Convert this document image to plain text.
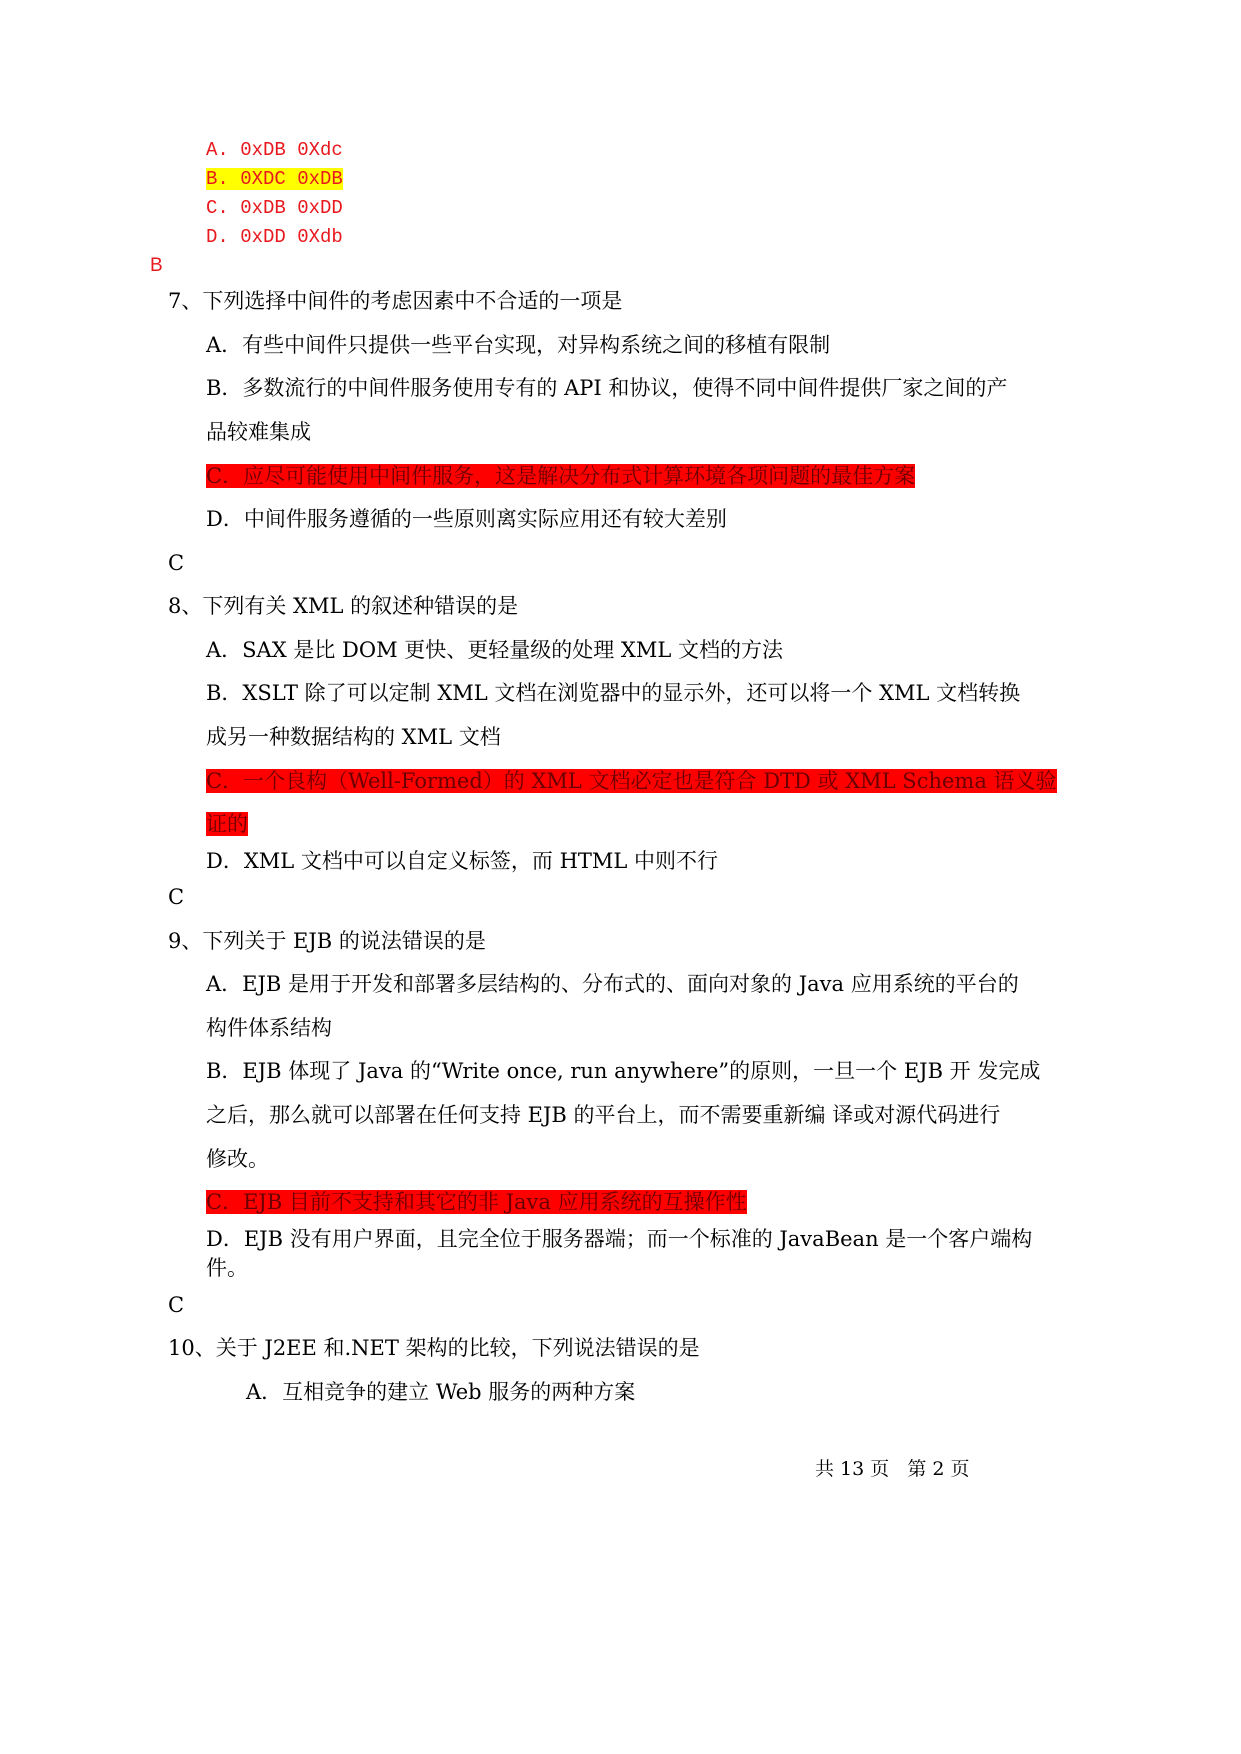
A. 0xDB 0Xdc
B. 0XDC 0xDB
C. 0xDB 0xDD
D. 0xDD 0Xdb
B
7、下列选择中间件的考虑因素中不合适的一项是
A．有些中间件只提供一些平台实现，对异构系统之间的移植有限制
B．多数流行的中间件服务使用专有的 API 和协议，使得不同中间件提供厂家之间的产
品较难集成
C．应尽可能使用中间件服务，这是解决分布式计算环境各项问题的最佳方案
D．中间件服务遵循的一些原则离实际应用还有较大差别
C
8、下列有关 XML 的叙述种错误的是
A．SAX 是比 DOM 更快、更轻量级的处理 XML 文档的方法
B．XSLT 除了可以定制 XML 文档在浏览器中的显示外，还可以将一个 XML 文档转换
成另一种数据结构的 XML 文档
C．一个良构（Well-Formed）的 XML 文档必定也是符合 DTD 或 XML Schema 语义验
证的
D．XML 文档中可以自定义标签，而 HTML 中则不行
C
9、下列关于 EJB 的说法错误的是
A．EJB 是用于开发和部署多层结构的、分布式的、面向对象的 Java 应用系统的平台的
构件体系结构
B．EJB 体现了 Java 的“Write once, run anywhere”的原则，一旦一个 EJB 开 发完成
之后，那么就可以部署在任何支持 EJB 的平台上，而不需要重新编 译或对源代码进行
修改。
C．EJB 目前不支持和其它的非 Java 应用系统的互操作性
D．EJB 没有用户界面，且完全位于服务器端；而一个标准的 JavaBean 是一个客户端构
件。
C
10、关于 J2EE 和.NET 架构的比较，下列说法错误的是
A．互相竞争的建立 Web 服务的两种方案
共 13 页 第 2 页
